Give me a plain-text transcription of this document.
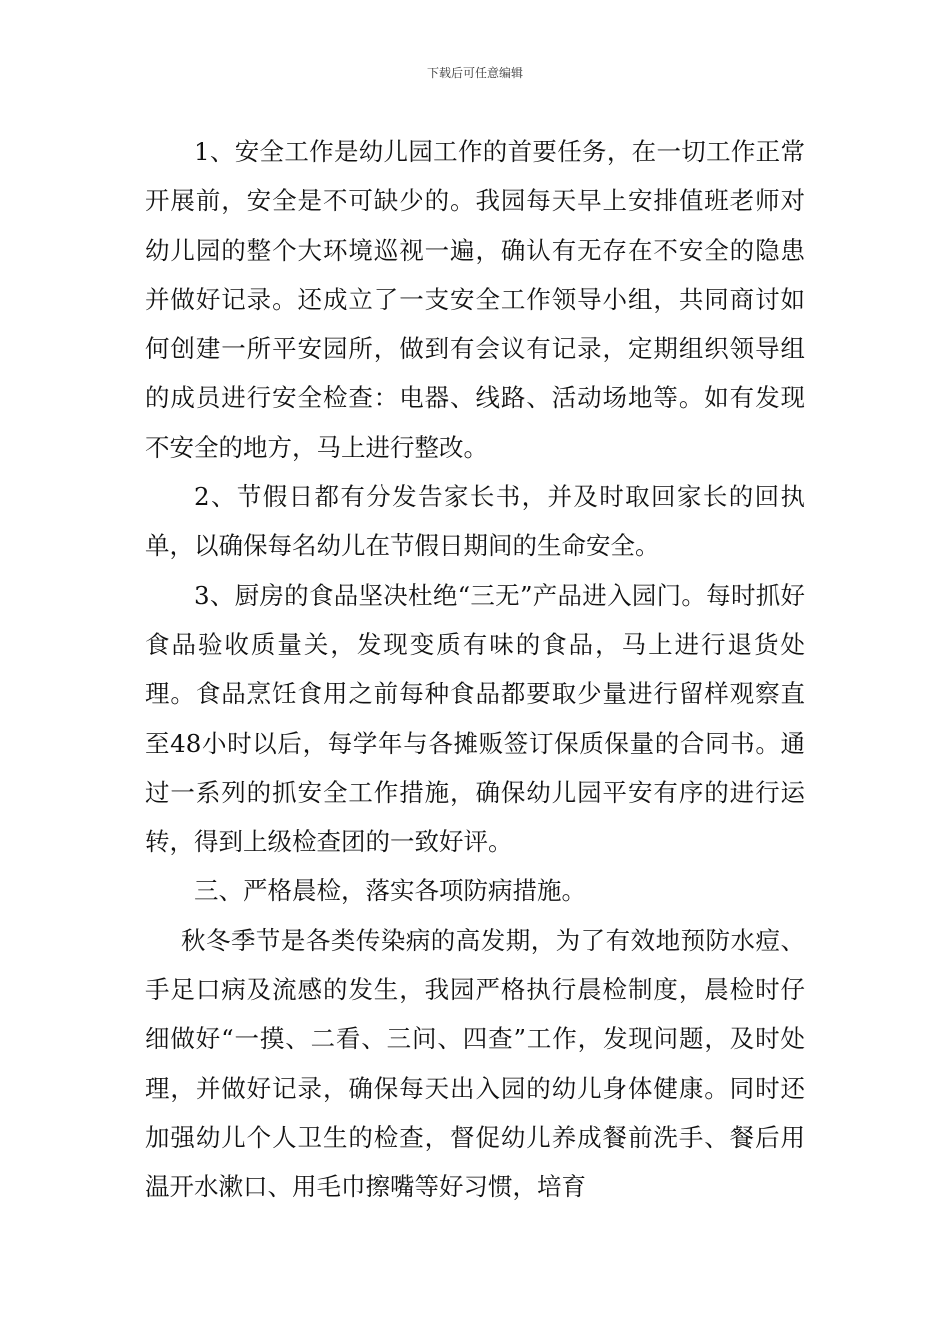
下载后可任意编辑

1、安全工作是幼儿园工作的首要任务，在一切工作正常开展前，安全是不可缺少的。我园每天早上安排值班老师对幼儿园的整个大环境巡视一遍，确认有无存在不安全的隐患并做好记录。还成立了一支安全工作领导小组，共同商讨如何创建一所平安园所，做到有会议有记录，定期组织领导组的成员进行安全检查：电器、线路、活动场地等。如有发现不安全的地方，马上进行整改。

2、节假日都有分发告家长书，并及时取回家长的回执单，以确保每名幼儿在节假日期间的生命安全。

3、厨房的食品坚决杜绝“三无”产品进入园门。每时抓好食品验收质量关，发现变质有味的食品，马上进行退货处理。食品烹饪食用之前每种食品都要取少量进行留样观察直至48小时以后，每学年与各摊贩签订保质保量的合同书。通过一系列的抓安全工作措施，确保幼儿园平安有序的进行运转，得到上级检查团的一致好评。

三、严格晨检，落实各项防病措施。

秋冬季节是各类传染病的高发期，为了有效地预防水痘、手足口病及流感的发生，我园严格执行晨检制度，晨检时仔细做好“一摸、二看、三问、四查”工作，发现问题，及时处理，并做好记录，确保每天出入园的幼儿身体健康。同时还加强幼儿个人卫生的检查，督促幼儿养成餐前洗手、餐后用温开水漱口、用毛巾擦嘴等好习惯，培育
